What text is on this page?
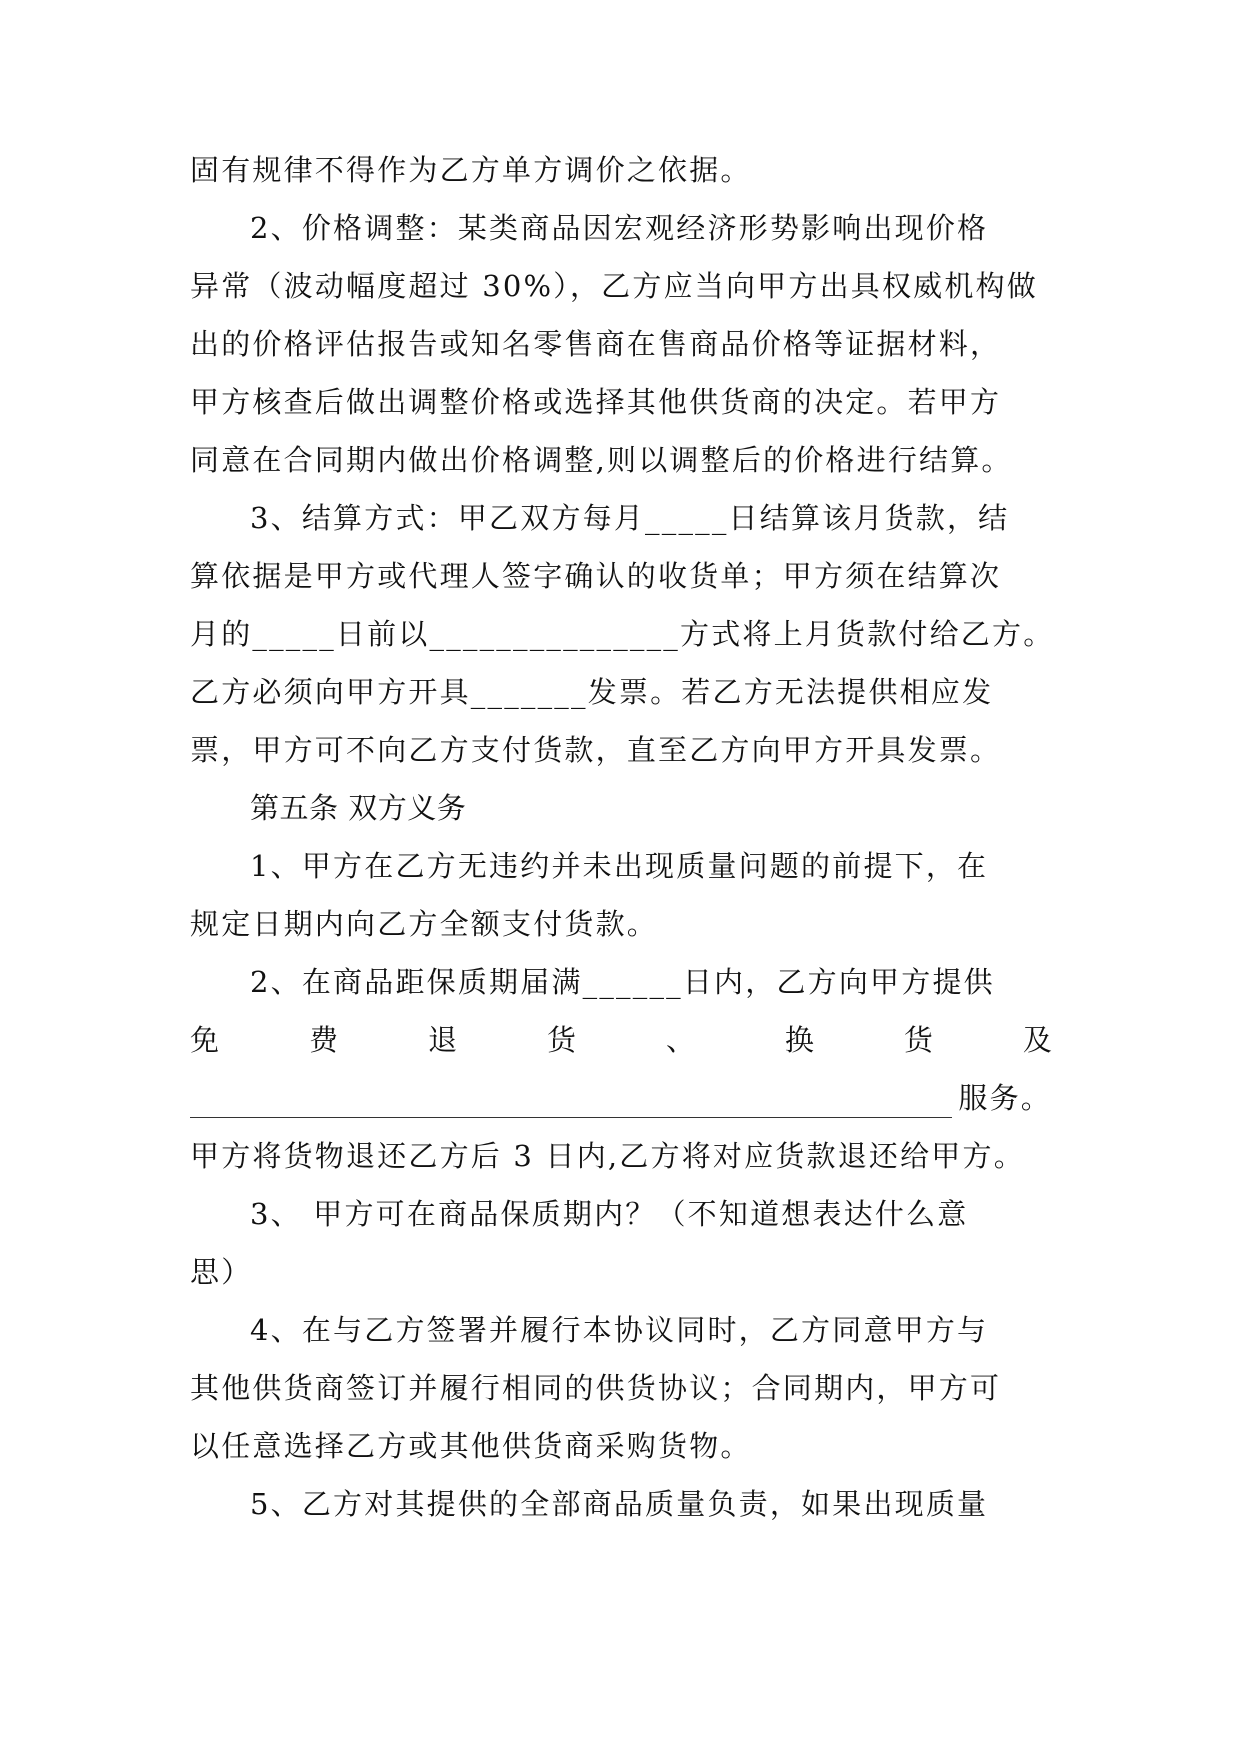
固有规律不得作为乙方单方调价之依据。
2、价格调整：某类商品因宏观经济形势影响出现价格
异常（波动幅度超过 30%），乙方应当向甲方出具权威机构做
出的价格评估报告或知名零售商在售商品价格等证据材料，
甲方核查后做出调整价格或选择其他供货商的决定。若甲方
同意在合同期内做出价格调整,则以调整后的价格进行结算。
3、结算方式：甲乙双方每月_____日结算该月货款，结
算依据是甲方或代理人签字确认的收货单；甲方须在结算次
月的_____日前以_______________方式将上月货款付给乙方。
乙方必须向甲方开具_______发票。若乙方无法提供相应发
票，甲方可不向乙方支付货款，直至乙方向甲方开具发票。
第五条 双方义务
1、甲方在乙方无违约并未出现质量问题的前提下，在
规定日期内向乙方全额支付货款。
2、在商品距保质期届满______日内，乙方向甲方提供
免	费	退	货	、	换	货	及
服务。
甲方将货物退还乙方后 3 日内,乙方将对应货款退还给甲方。
3、 甲方可在商品保质期内？（不知道想表达什么意
思）
4、在与乙方签署并履行本协议同时，乙方同意甲方与
其他供货商签订并履行相同的供货协议；合同期内，甲方可
以任意选择乙方或其他供货商采购货物。
5、乙方对其提供的全部商品质量负责，如果出现质量
